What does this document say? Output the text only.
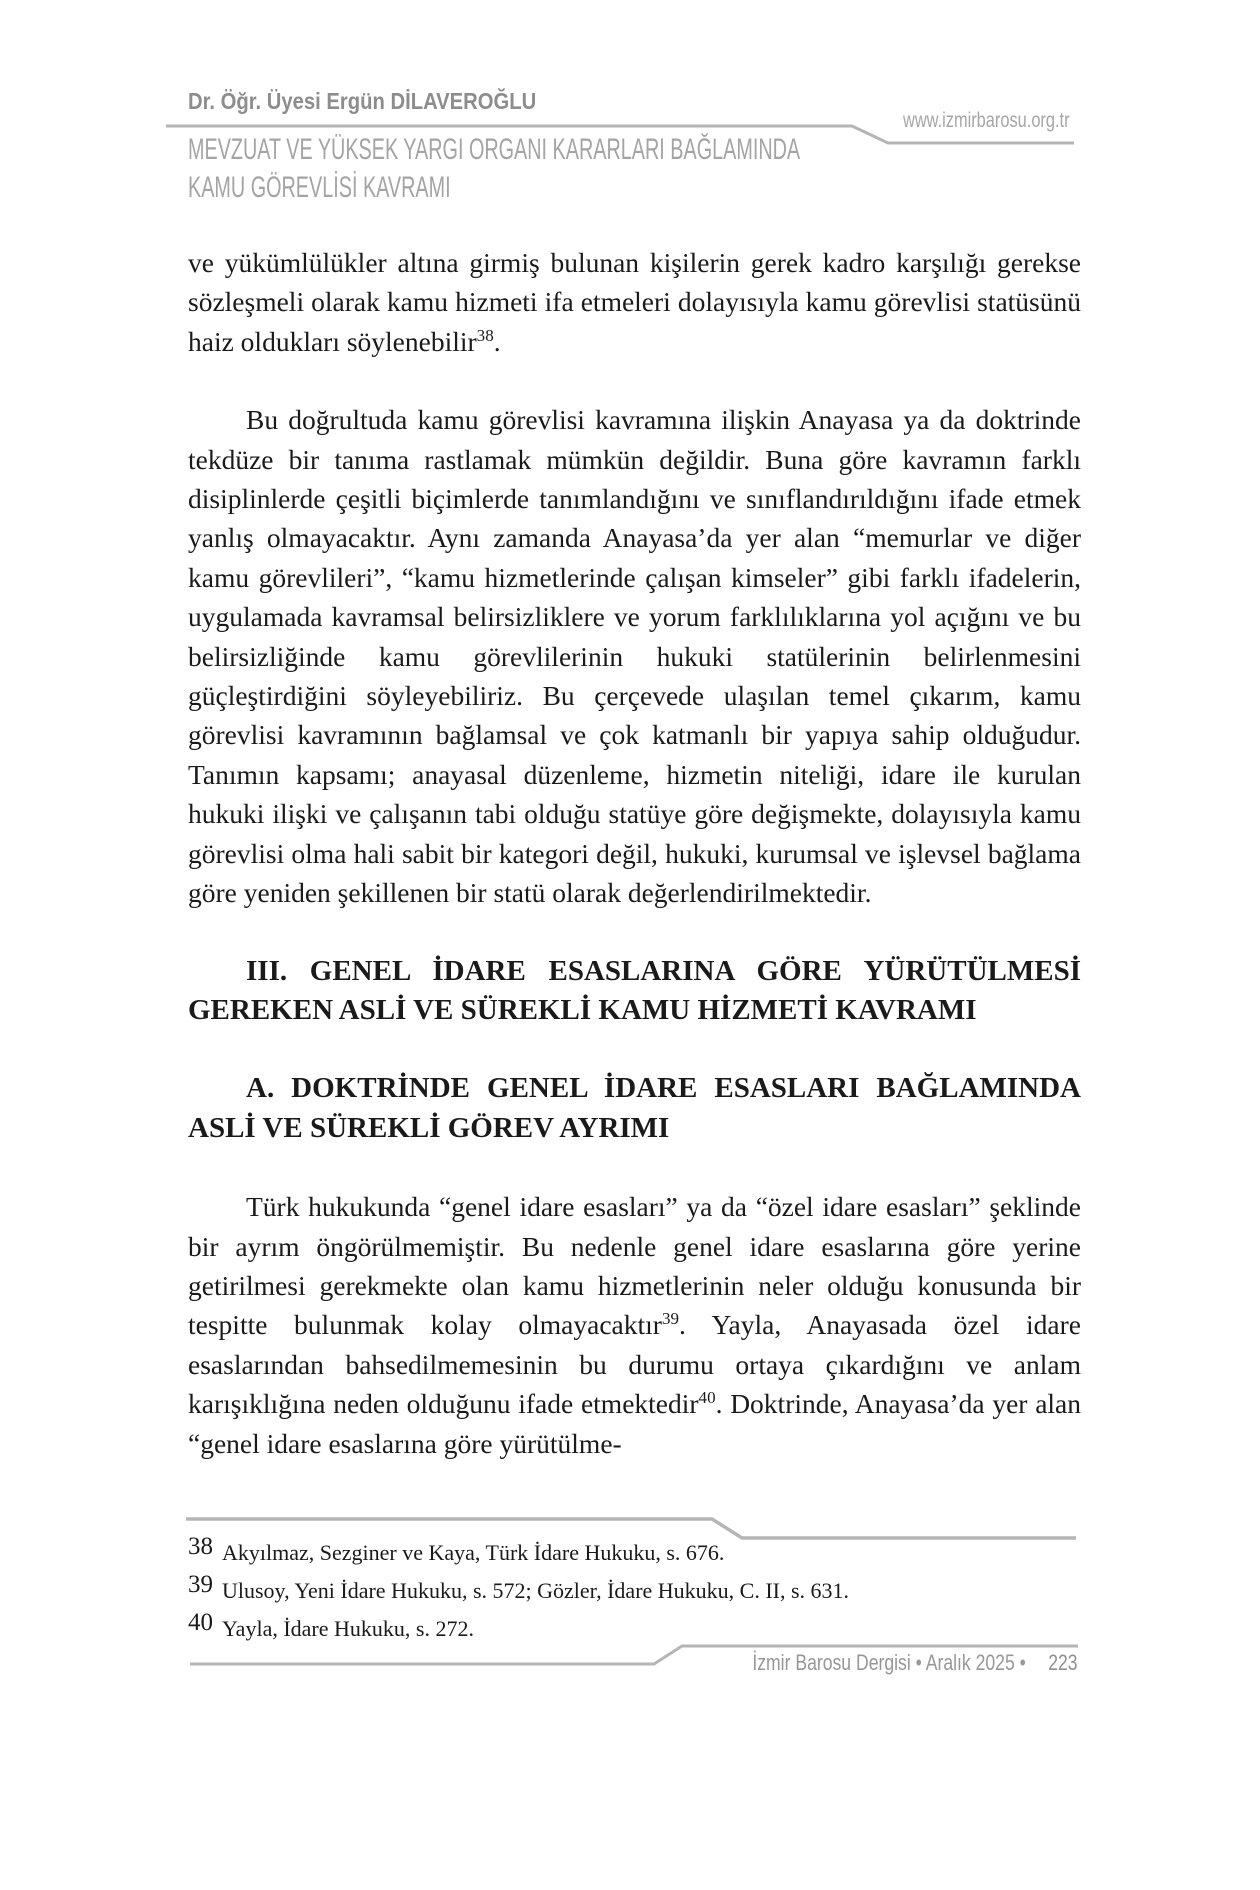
Dr. Öğr. Üyesi Ergün DİLAVEROĞLU
MEVZUAT VE YÜKSEK YARGI ORGANI KARARLARI BAĞLAMINDA
KAMU GÖREVLİSİ KAVRAMI
www.izmirbarosu.org.tr

ve yükümlülükler altına girmiş bulunan kişilerin gerek kadro karşılığı gerekse sözleşmeli olarak kamu hizmeti ifa etmeleri dolayısıyla kamu görevlisi statüsünü haiz oldukları söylenebilir$^{38}$.

Bu doğrultuda kamu görevlisi kavramına ilişkin Anayasa ya da doktrinde tekdüze bir tanıma rastlamak mümkün değildir. Buna göre kavramın farklı disiplinlerde çeşitli biçimlerde tanımlandığını ve sınıflandırıldığını ifade etmek yanlış olmayacaktır. Aynı zamanda Anayasa’da yer alan “memurlar ve diğer kamu görevlileri”, “kamu hizmetlerinde çalışan kimseler” gibi farklı ifadelerin, uygulamada kavramsal belirsizliklere ve yorum farklılıklarına yol açığını ve bu belirsizliğinde kamu görevlilerinin hukuki statülerinin belirlenmesini güçleştirdiğini söyleyebiliriz. Bu çerçevede ulaşılan temel çıkarım, kamu görevlisi kavramının bağlamsal ve çok katmanlı bir yapıya sahip olduğudur. Tanımın kapsamı; anayasal düzenleme, hizmetin niteliği, idare ile kurulan hukuki ilişki ve çalışanın tabi olduğu statüye göre değişmekte, dolayısıyla kamu görevlisi olma hali sabit bir kategori değil, hukuki, kurumsal ve işlevsel bağlama göre yeniden şekillenen bir statü olarak değerlendirilmektedir.

III. GENEL İDARE ESASLARINA GÖRE YÜRÜTÜLMESİ GEREKEN ASLİ VE SÜREKLİ KAMU HİZMETİ KAVRAMI

A. DOKTRİNDE GENEL İDARE ESASLARI BAĞLAMINDA ASLİ VE SÜREKLİ GÖREV AYRIMI

Türk hukukunda “genel idare esasları” ya da “özel idare esasları” şeklinde bir ayrım öngörülmemiştir. Bu nedenle genel idare esaslarına göre yerine getirilmesi gerekmekte olan kamu hizmetlerinin neler olduğu konusunda bir tespitte bulunmak kolay olmayacaktır$^{39}$. Yayla, Anayasada özel idare esaslarından bahsedilmemesinin bu durumu ortaya çıkardığını ve anlam karışıklığına neden olduğunu ifade etmektedir$^{40}$. Doktrinde, Anayasa’da yer alan “genel idare esaslarına göre yürütülme-

38 Akyılmaz, Sezginer ve Kaya, Türk İdare Hukuku, s. 676.
39 Ulusoy, Yeni İdare Hukuku, s. 572; Gözler, İdare Hukuku, C. II, s. 631.
40 Yayla, İdare Hukuku, s. 272.
İzmir Barosu Dergisi • Aralık 2025 • 223
